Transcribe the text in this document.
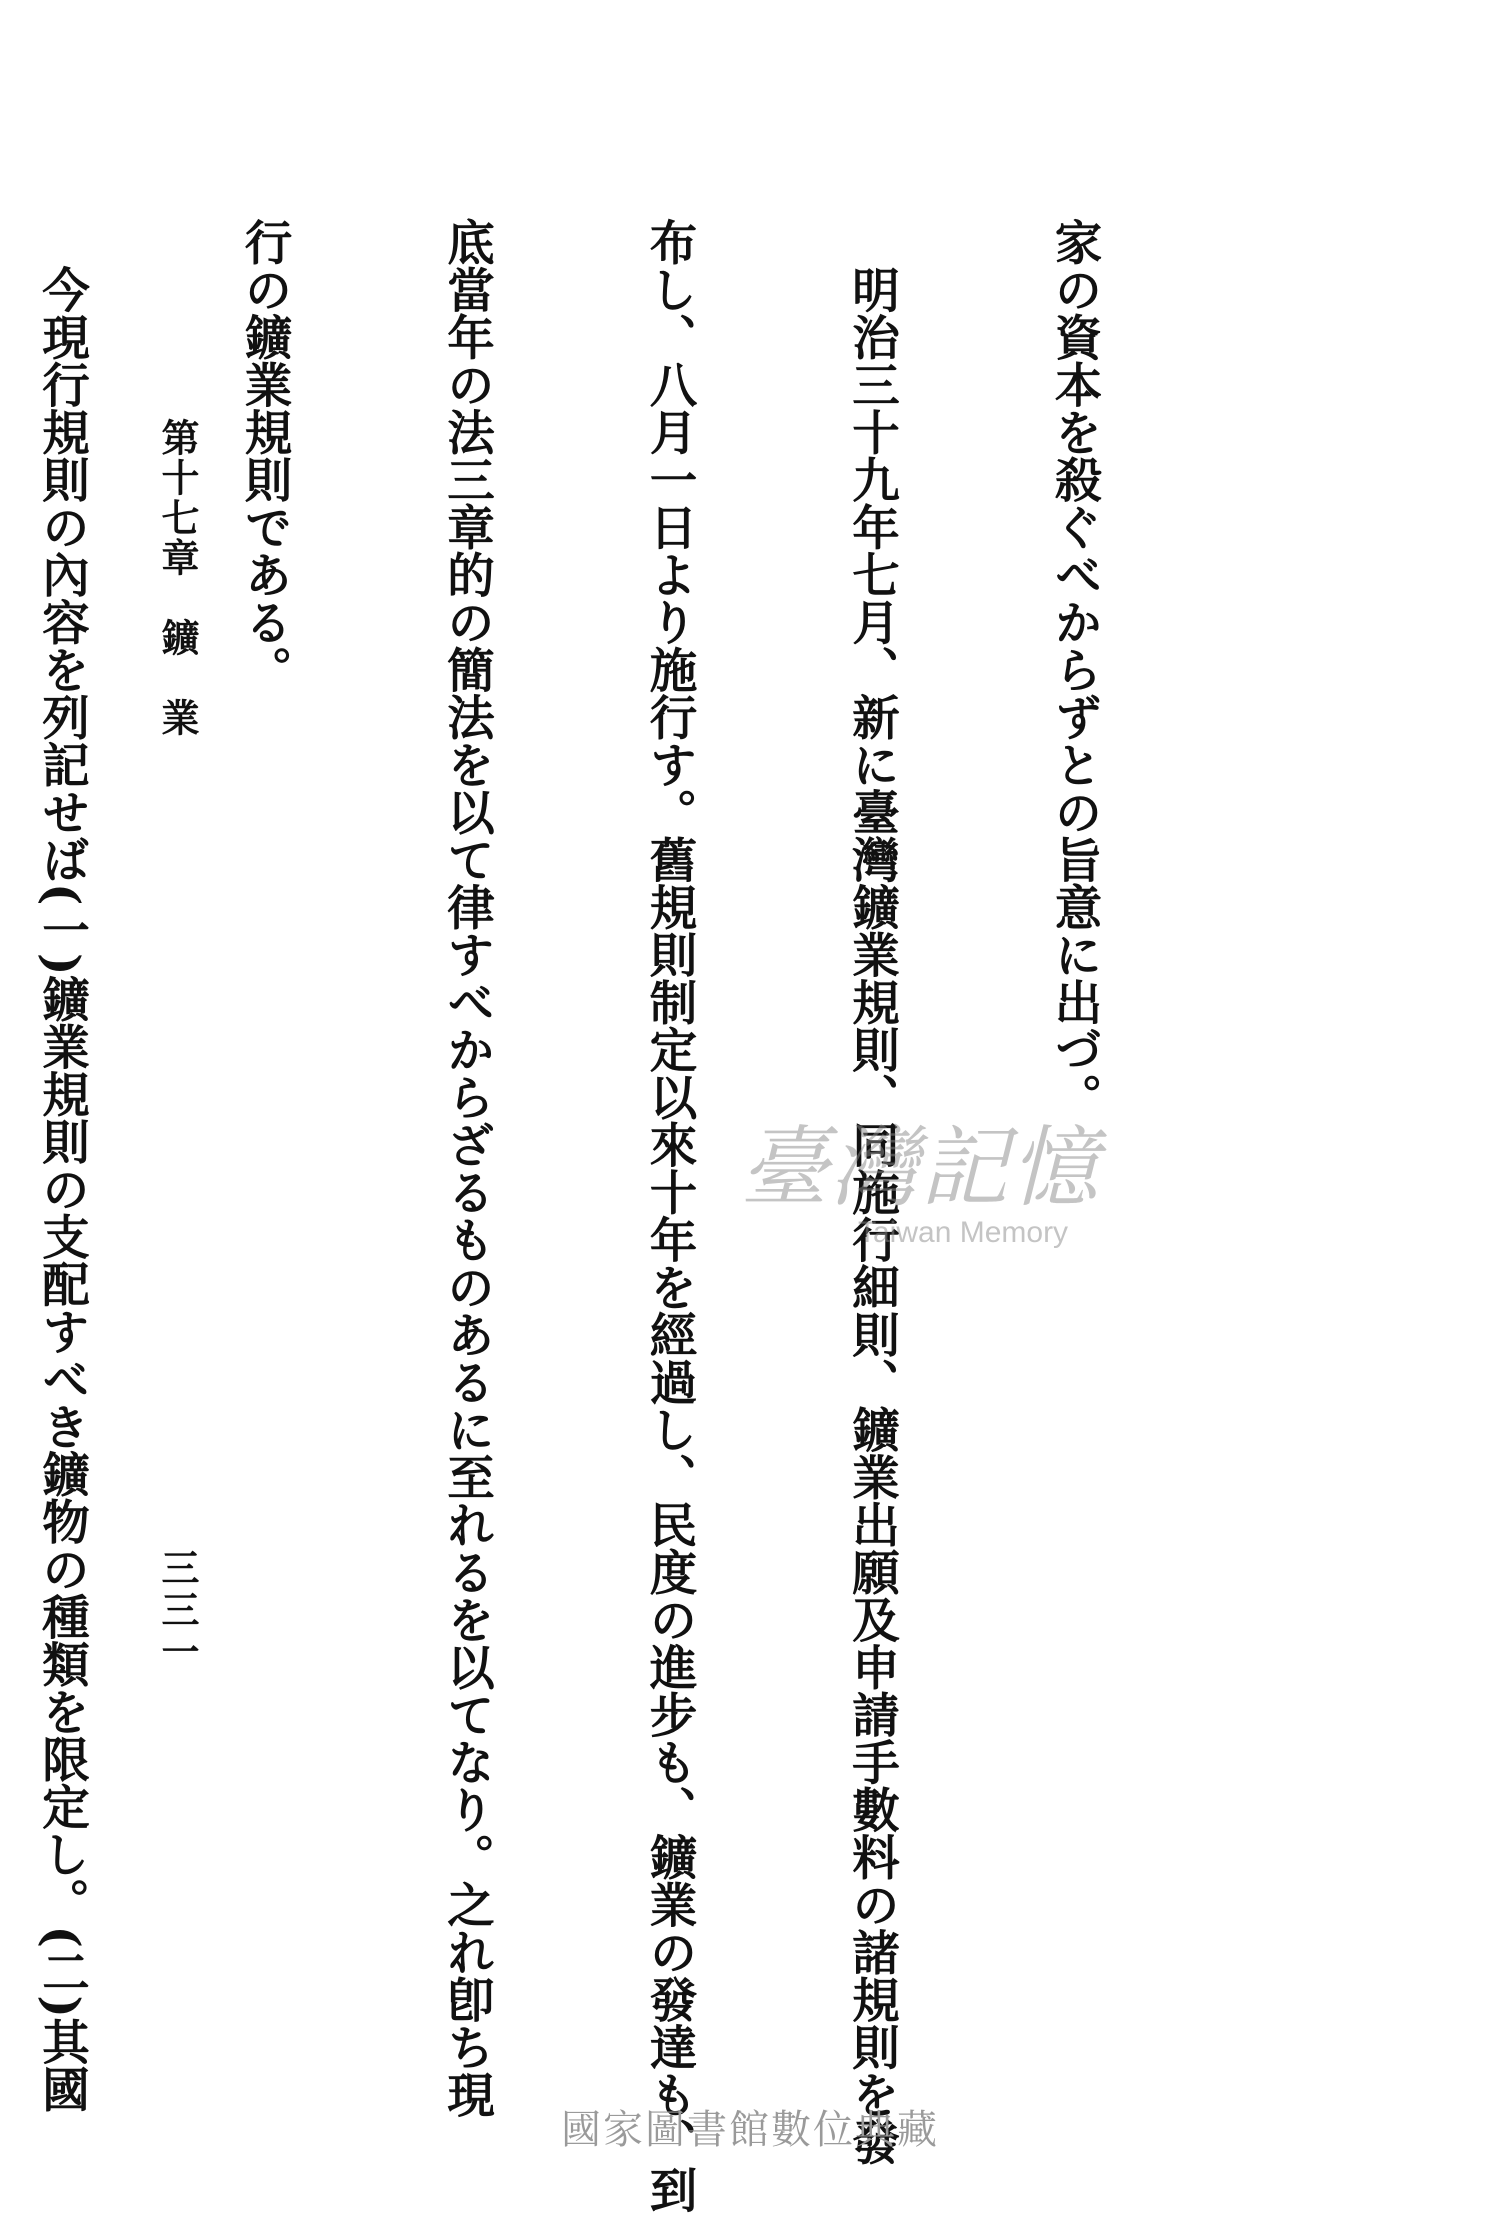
家の資本を殺ぐべからずとの旨意に出づ。

　明治三十九年七月、新に臺灣鑛業規則、同施行細則、鑛業出願及申請手數料の諸規則を發

布し、八月一日より施行す。舊規則制定以來十年を經過し、民度の進步も、鑛業の發達も、到

底當年の法三章的の簡法を以て律すべからざるものあるに至れるを以てなり。之れ卽ち現

行の鑛業規則である。

　今現行規則の內容を列記せば(一)鑛業規則の支配すべき鑛物の種類を限定し。(二)其國

第十七章　鑛　業
三三一
臺灣記憶
Taiwan Memory
國家圖書館數位典藏
